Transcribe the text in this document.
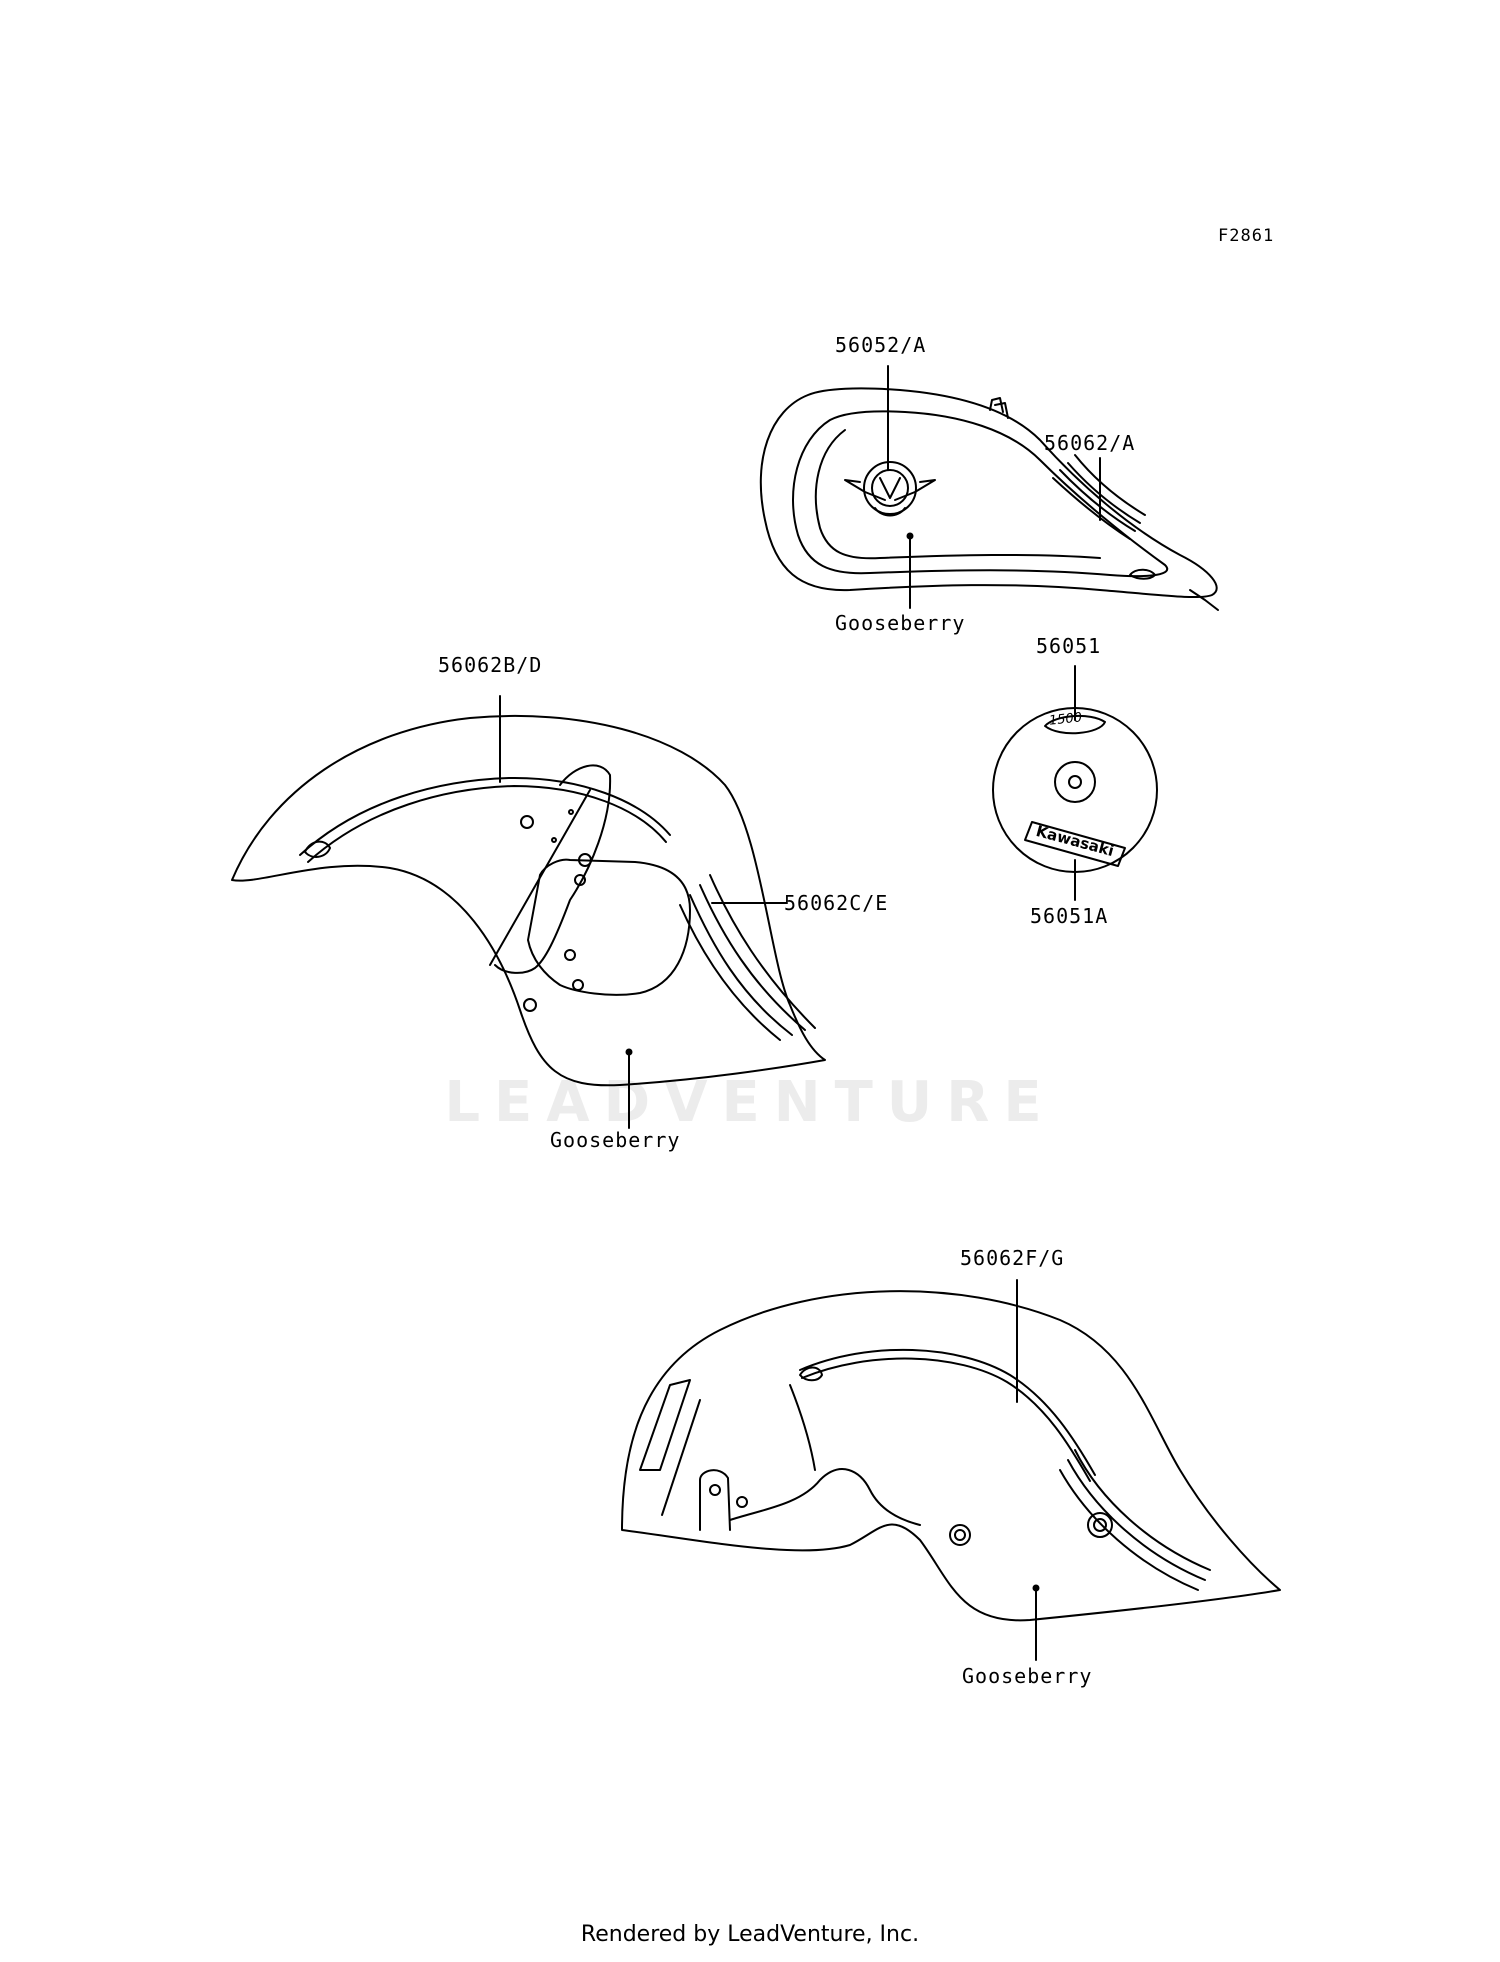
LEADVENTURE
F2861
56052/A
56062/A
Gooseberry
56051
56051A
1500
Kawasaki
56062B/D
56062C/E
Gooseberry
56062F/G
Gooseberry
Rendered by LeadVenture, Inc.
